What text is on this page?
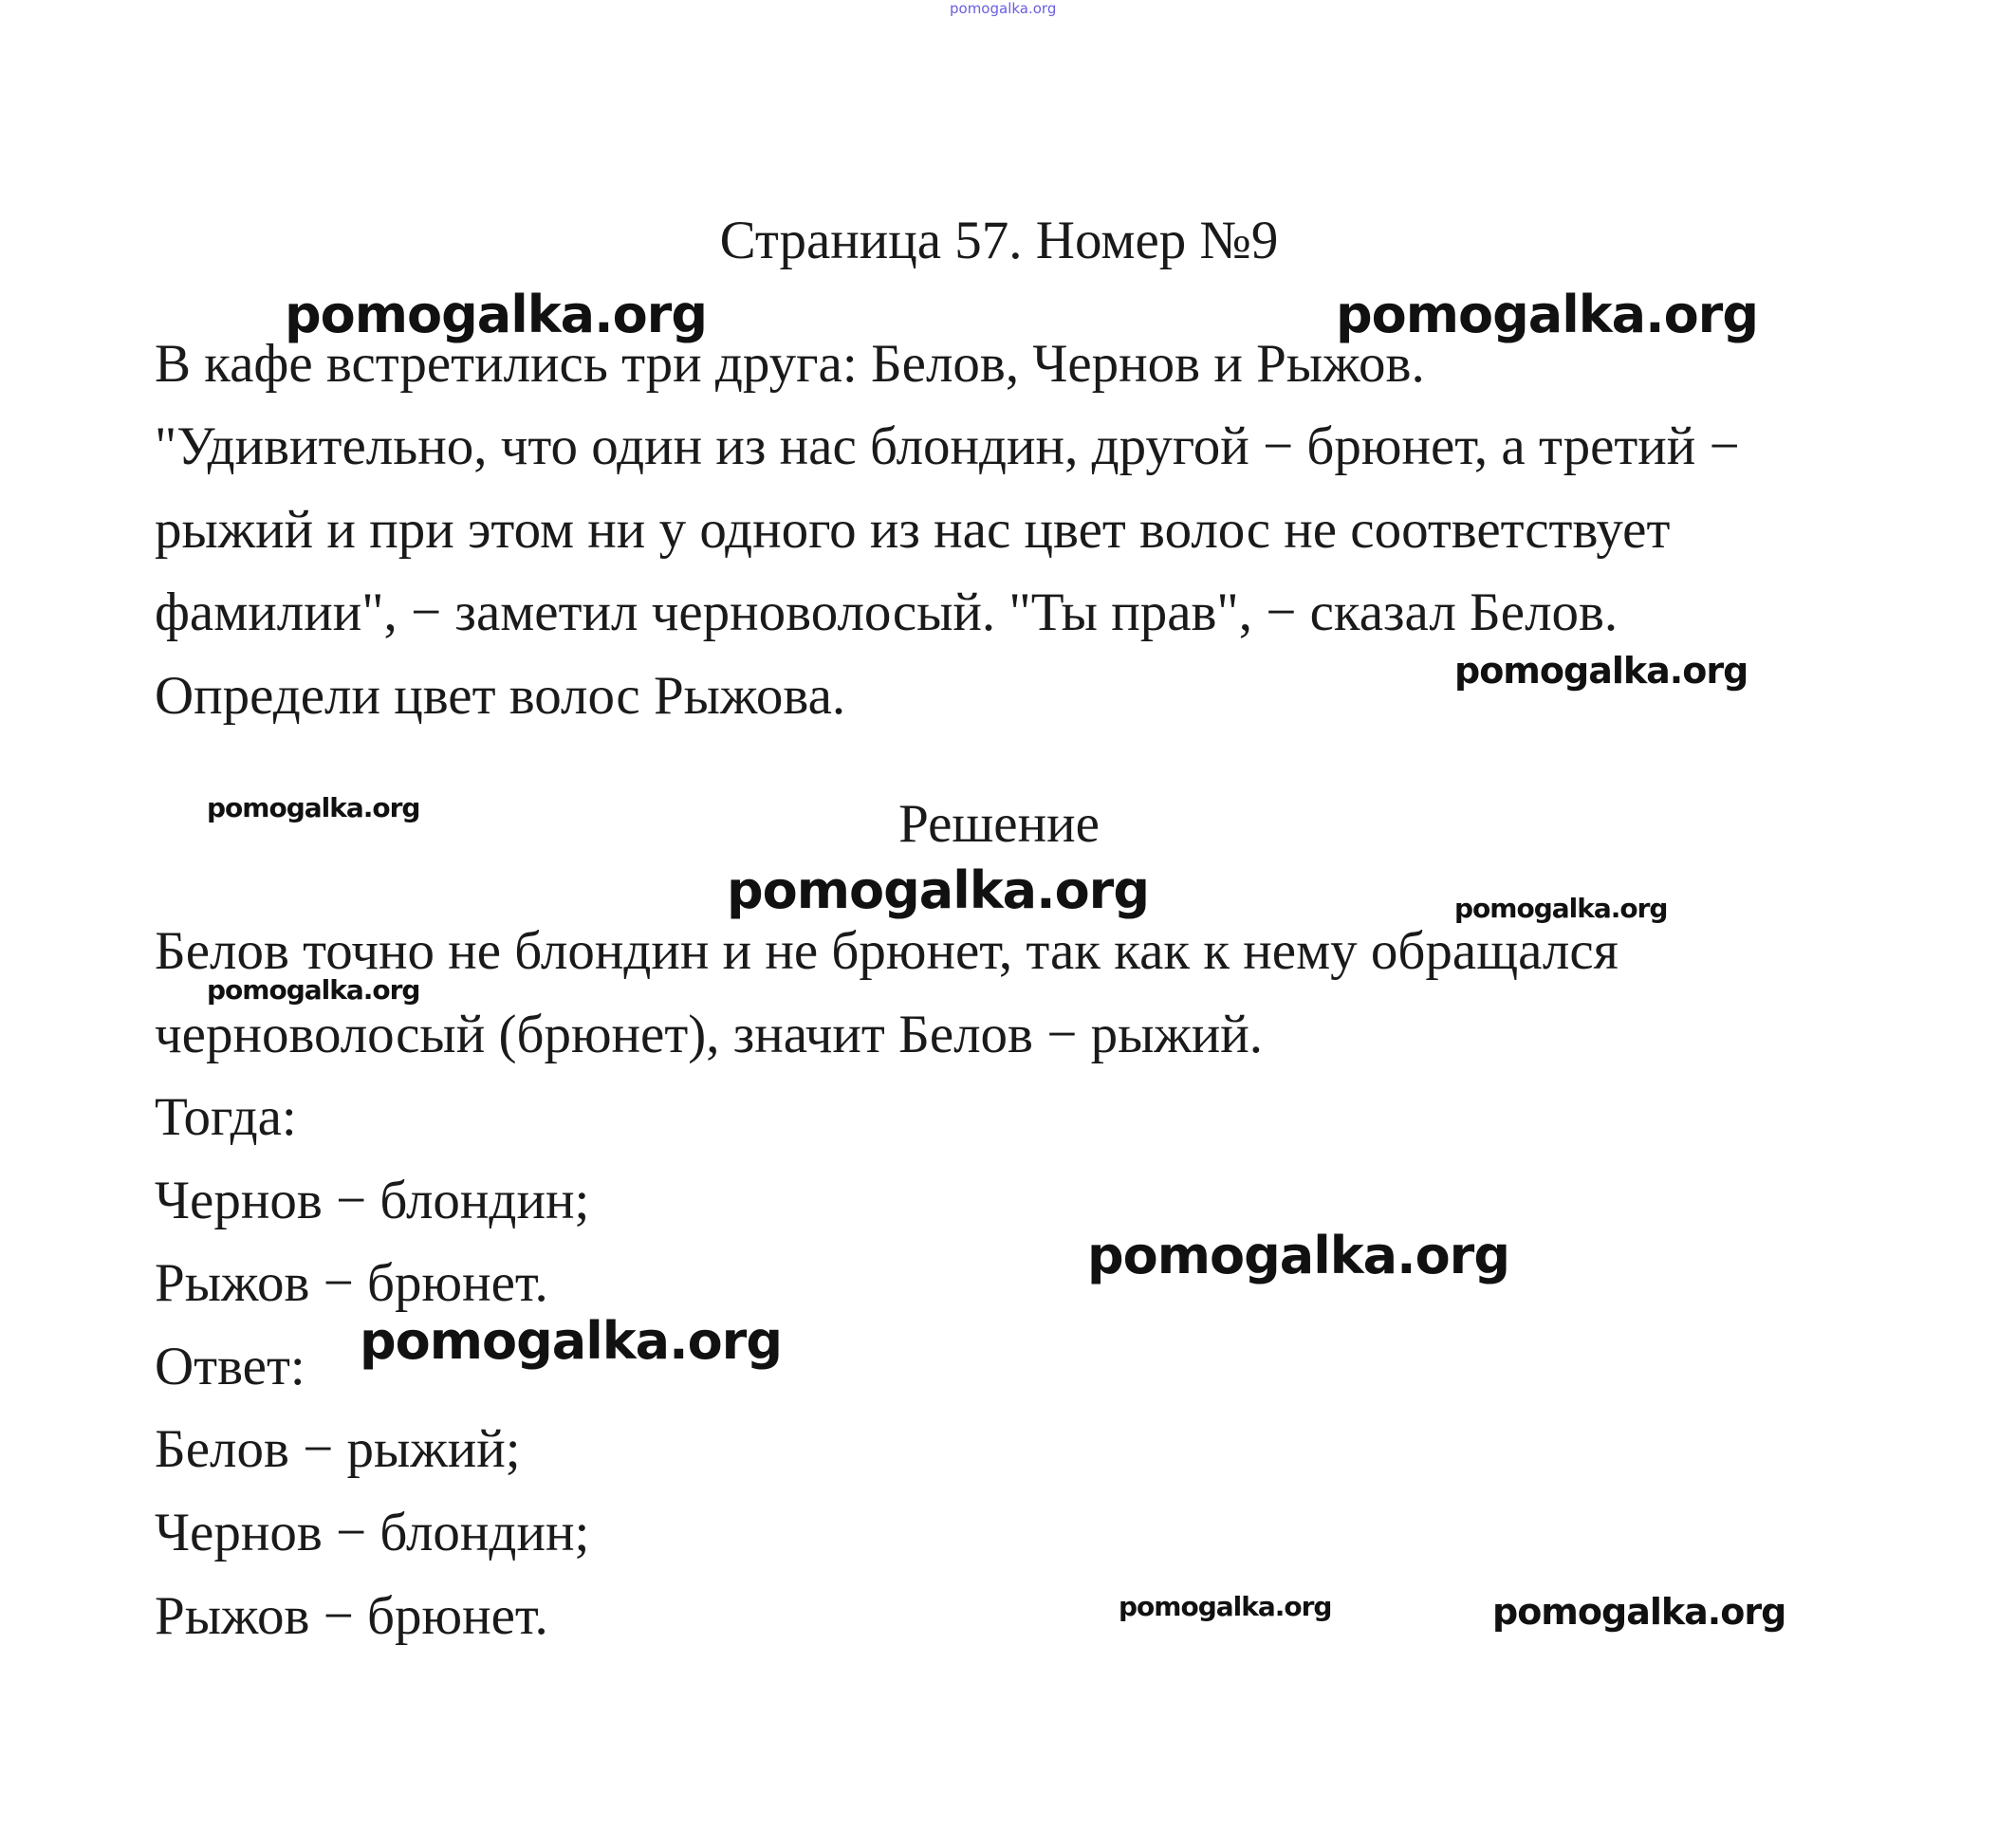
pomogalka.org
Страница 57. Номер №9
В кафе встретились три друга: Белов, Чернов и Рыжов.
"Удивительно, что один из нас блондин, другой − брюнет, а третий −
рыжий и при этом ни у одного из нас цвет волос не соответствует
фамилии", − заметил черноволосый. "Ты прав", − сказал Белов.
Определи цвет волос Рыжова.
Решение
Белов точно не блондин и не брюнет, так как к нему обращался
черноволосый (брюнет), значит Белов − рыжий.
Тогда:
Чернов − блондин;
Рыжов − брюнет.
Ответ:
Белов − рыжий;
Чернов − блондин;
Рыжов − брюнет.
pomogalka.org	pomogalka.org
pomogalka.org
pomogalka.org
pomogalka.org	pomogalka.org
pomogalka.org
pomogalka.org
pomogalka.org
pomogalka.org	pomogalka.org
